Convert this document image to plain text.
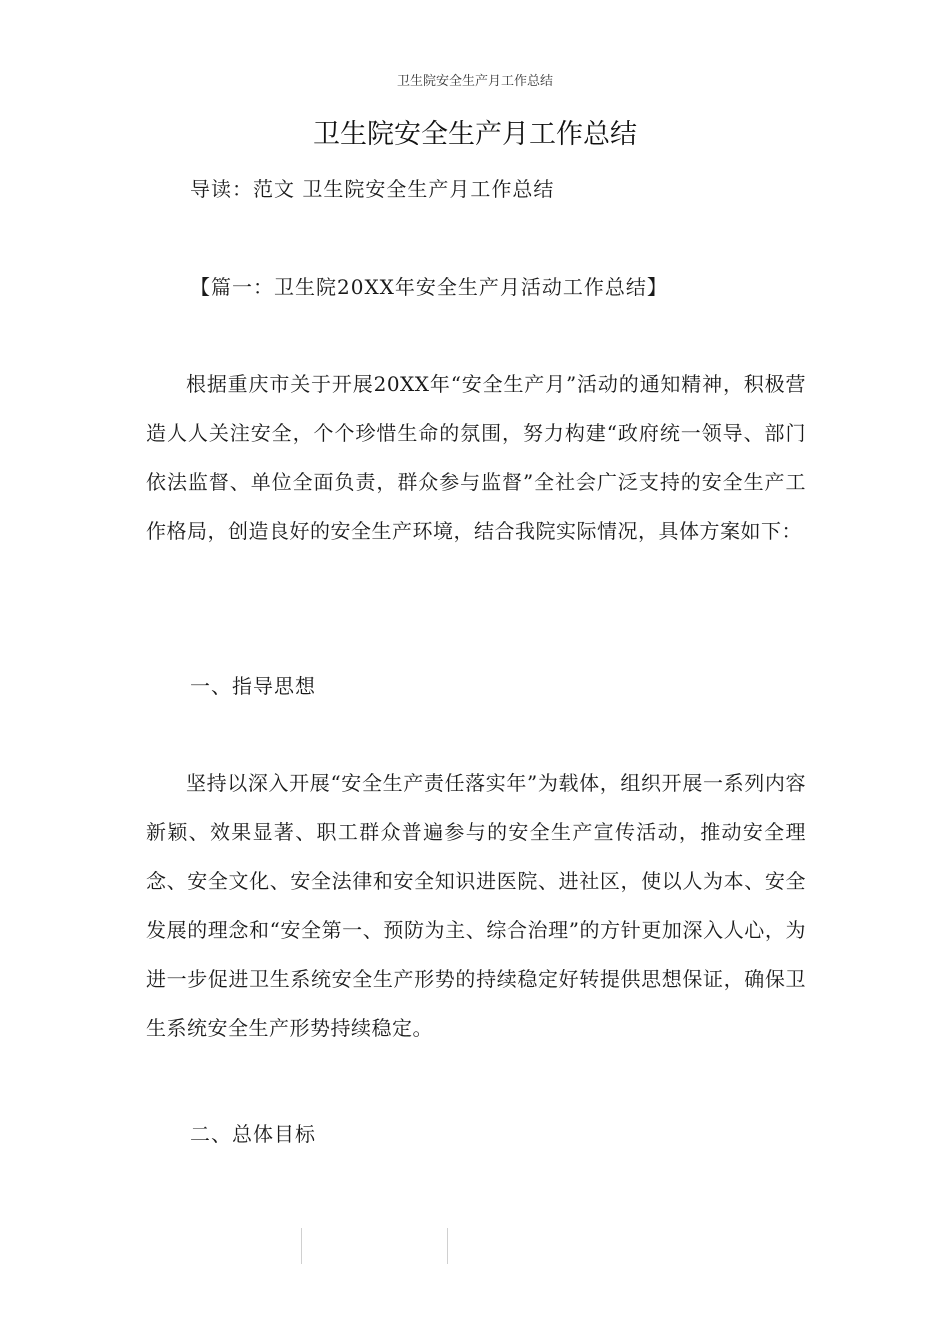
卫生院安全生产月工作总结
卫生院安全生产月工作总结
导读：范文 卫生院安全生产月工作总结
【篇一：卫生院20XX年安全生产月活动工作总结】
根据重庆市关于开展20XX年“安全生产月”活动的通知精神，积极营造人人关注安全，个个珍惜生命的氛围，努力构建“政府统一领导、部门依法监督、单位全面负责，群众参与监督”全社会广泛支持的安全生产工作格局，创造良好的安全生产环境，结合我院实际情况，具体方案如下：
一、指导思想
坚持以深入开展“安全生产责任落实年”为载体，组织开展一系列内容新颖、效果显著、职工群众普遍参与的安全生产宣传活动，推动安全理念、安全文化、安全法律和安全知识进医院、进社区，使以人为本、安全发展的理念和“安全第一、预防为主、综合治理”的方针更加深入人心，为进一步促进卫生系统安全生产形势的持续稳定好转提供思想保证，确保卫生系统安全生产形势持续稳定。
二、总体目标
